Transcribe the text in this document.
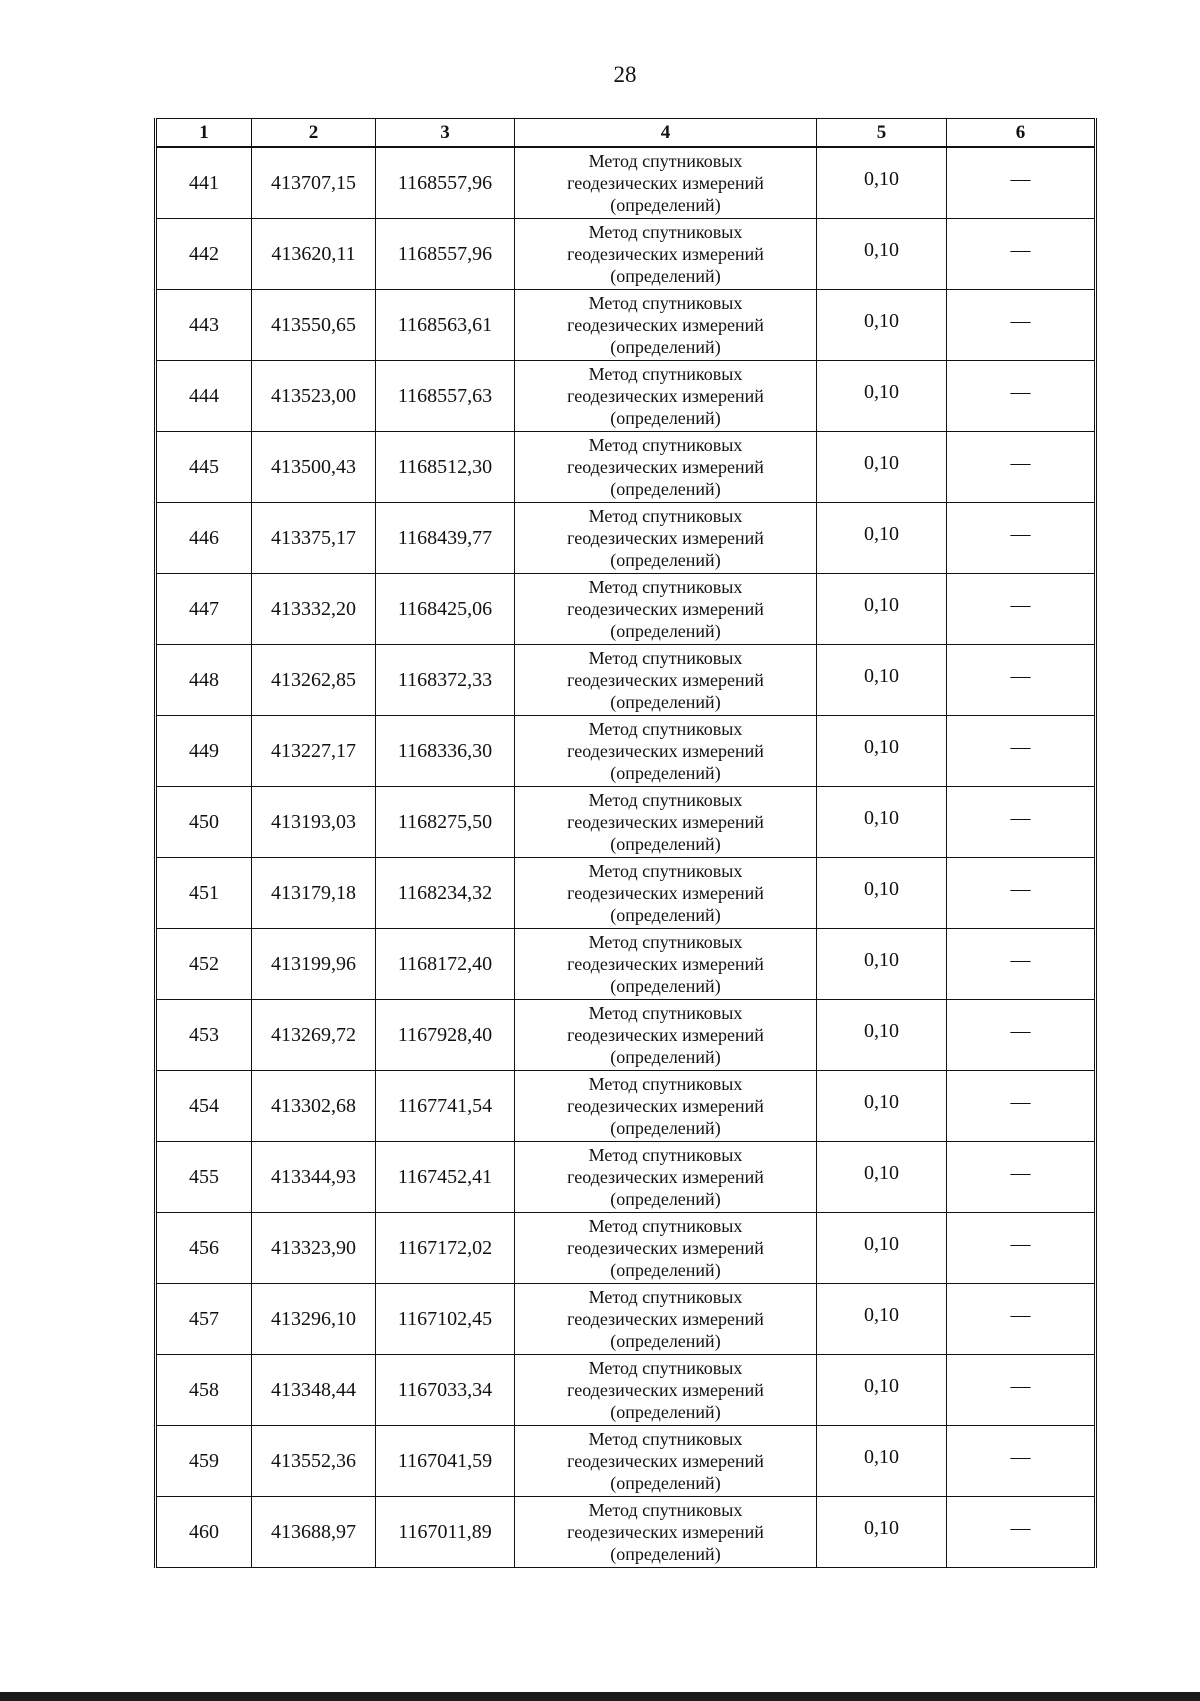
28
1	2	3	4	5	6
441	413707,15	1168557,96	Метод спутниковых
геодезических измерений
(определений)	0,10	—
442	413620,11	1168557,96	Метод спутниковых
геодезических измерений
(определений)	0,10	—
443	413550,65	1168563,61	Метод спутниковых
геодезических измерений
(определений)	0,10	—
444	413523,00	1168557,63	Метод спутниковых
геодезических измерений
(определений)	0,10	—
445	413500,43	1168512,30	Метод спутниковых
геодезических измерений
(определений)	0,10	—
446	413375,17	1168439,77	Метод спутниковых
геодезических измерений
(определений)	0,10	—
447	413332,20	1168425,06	Метод спутниковых
геодезических измерений
(определений)	0,10	—
448	413262,85	1168372,33	Метод спутниковых
геодезических измерений
(определений)	0,10	—
449	413227,17	1168336,30	Метод спутниковых
геодезических измерений
(определений)	0,10	—
450	413193,03	1168275,50	Метод спутниковых
геодезических измерений
(определений)	0,10	—
451	413179,18	1168234,32	Метод спутниковых
геодезических измерений
(определений)	0,10	—
452	413199,96	1168172,40	Метод спутниковых
геодезических измерений
(определений)	0,10	—
453	413269,72	1167928,40	Метод спутниковых
геодезических измерений
(определений)	0,10	—
454	413302,68	1167741,54	Метод спутниковых
геодезических измерений
(определений)	0,10	—
455	413344,93	1167452,41	Метод спутниковых
геодезических измерений
(определений)	0,10	—
456	413323,90	1167172,02	Метод спутниковых
геодезических измерений
(определений)	0,10	—
457	413296,10	1167102,45	Метод спутниковых
геодезических измерений
(определений)	0,10	—
458	413348,44	1167033,34	Метод спутниковых
геодезических измерений
(определений)	0,10	—
459	413552,36	1167041,59	Метод спутниковых
геодезических измерений
(определений)	0,10	—
460	413688,97	1167011,89	Метод спутниковых
геодезических измерений
(определений)	0,10	—
